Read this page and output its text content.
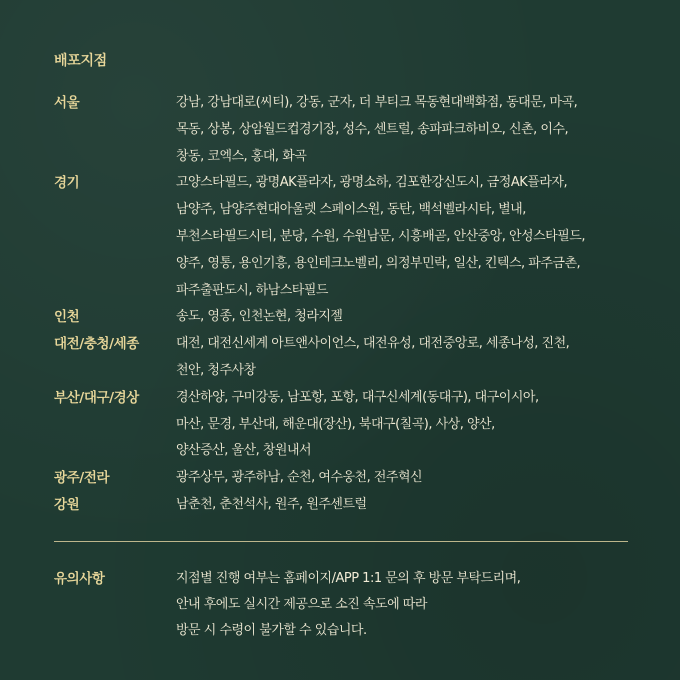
배포지점
서울	강남, 강남대로(씨티), 강동, 군자, 더 부티크 목동현대백화점, 동대문, 마곡,
목동, 상봉, 상암월드컵경기장, 성수, 센트럴, 송파파크하비오, 신촌, 이수,
창동, 코엑스, 홍대, 화곡
경기	고양스타필드, 광명AK플라자, 광명소하, 김포한강신도시, 금정AK플라자,
남양주, 남양주현대아울렛 스페이스원, 동탄, 백석벨라시타, 별내,
부천스타필드시티, 분당, 수원, 수원남문, 시흥배곧, 안산중앙, 안성스타필드,
양주, 영통, 용인기흥, 용인테크노벨리, 의정부민락, 일산, 킨텍스, 파주금촌,
파주출판도시, 하남스타필드
인천	송도, 영종, 인천논현, 청라지젤
대전/충청/세종	대전, 대전신세계 아트앤사이언스, 대전유성, 대전중앙로, 세종나성, 진천,
천안, 청주사창
부산/대구/경상	경산하양, 구미강동, 남포항, 포항, 대구신세계(동대구), 대구이시아,
마산, 문경, 부산대, 해운대(장산), 북대구(칠곡), 사상, 양산,
양산증산, 울산, 창원내서
광주/전라	광주상무, 광주하남, 순천, 여수웅천, 전주혁신
강원	남춘천, 춘천석사, 원주, 원주센트럴
유의사항	지점별 진행 여부는 홈페이지/APP 1:1 문의 후 방문 부탁드리며,
안내 후에도 실시간 제공으로 소진 속도에 따라
방문 시 수령이 불가할 수 있습니다.
